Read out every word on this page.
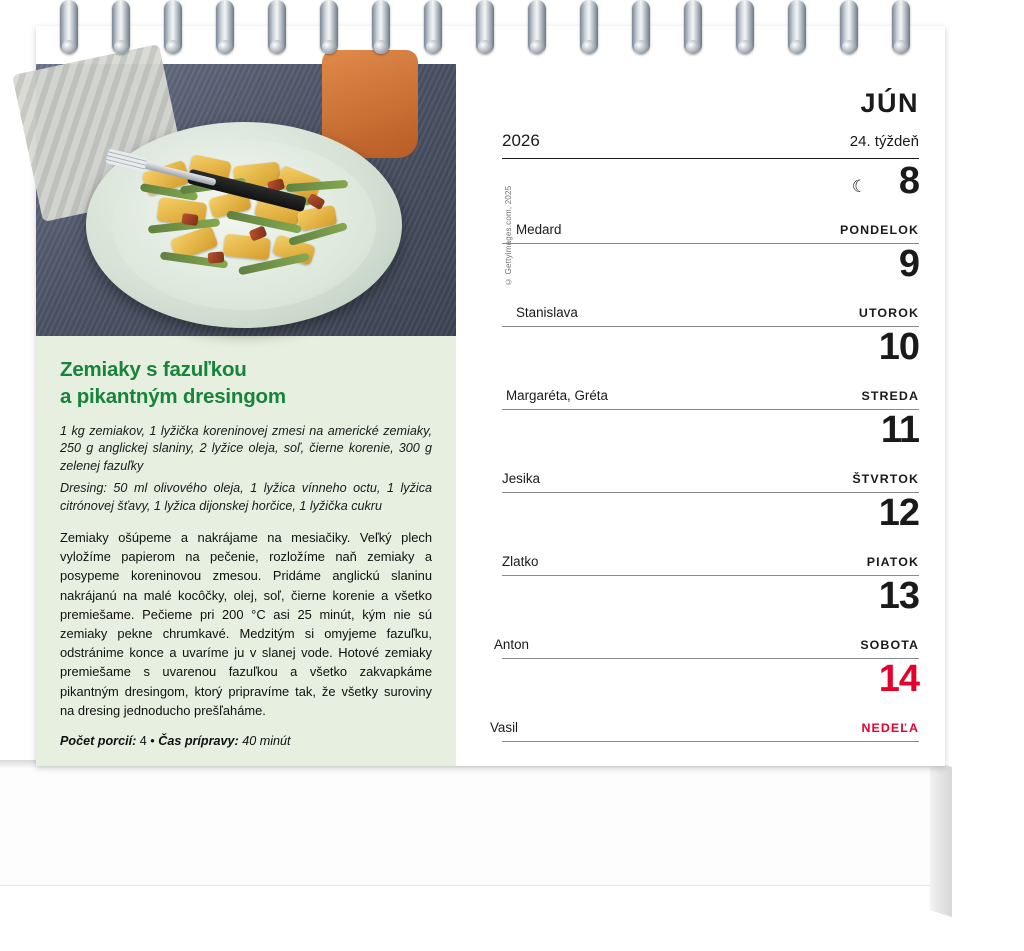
© Gettyimages.com, 2025
Zemiaky s fazuľkou
a pikantným dresingom

1 kg zemiakov, 1 lyžička koreninovej zmesi na americké zemiaky, 250 g anglickej slaniny, 2 lyžice oleja, soľ, čierne korenie, 300 g zelenej fazuľky

Dresing: 50 ml olivového oleja, 1 lyžica vínneho octu, 1 lyžica citrónovej šťavy, 1 lyžica dijonskej horčice, 1 lyžička cukru

Zemiaky ošúpeme a nakrájame na mesiačiky. Veľký plech vyložíme papierom na pečenie, rozložíme naň zemiaky a posypeme koreninovou zmesou. Pridáme anglickú slaninu nakrájanú na malé kocôčky, olej, soľ, čierne korenie a všetko premiešame. Pečieme pri 200 °C asi 25 minút, kým nie sú zemiaky pekne chrumkavé. Medzitým si omyjeme fazuľku, odstránime konce a uvaríme ju v slanej vode. Hotové zemiaky premiešame s uvarenou fazuľkou a všetko zakvapkáme pikantným dresingom, ktorý pripravíme tak, že všetky suroviny na dresing jednoducho prešľaháme.

Počet porcií: 4 • Čas prípravy: 40 minút
JÚN
2026	24. týždeň
☾ 8
Medard	PONDELOK
9
Stanislava	UTOROK
10
Margaréta, Gréta	STREDA
11
Jesika	ŠTVRTOK
12
Zlatko	PIATOK
13
Anton	SOBOTA
14
Vasil	NEDEĽA
